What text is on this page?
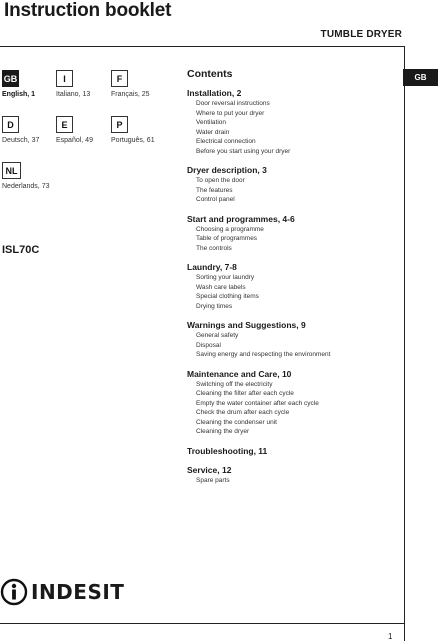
Instruction booklet
TUMBLE DRYER
GB
English, 1
I
Italiano, 13
F
Français, 25
D
Deutsch, 37
E
Español, 49
P
Português, 61
NL
Nederlands, 73
ISL70C
Contents
Installation, 2
Door reversal instructions
Where to put your dryer
Ventilation
Water drain
Electrical connection
Before you start using your dryer
Dryer description, 3
To open the door
The features
Control panel
Start and programmes, 4-6
Choosing a programme
Table of programmes
The controls
Laundry, 7-8
Sorting your laundry
Wash care labels
Special clothing items
Drying times
Warnings and Suggestions, 9
General safety
Disposal
Saving energy and respecting the environment
Maintenance and Care, 10
Switching off the electricity
Cleaning the filter after each cycle
Empty the water container after each cycle
Check the drum after each cycle
Cleaning the condenser unit
Cleaning the dryer
Troubleshooting, 11
Service, 12
Spare parts
GB
INDESIT
1
